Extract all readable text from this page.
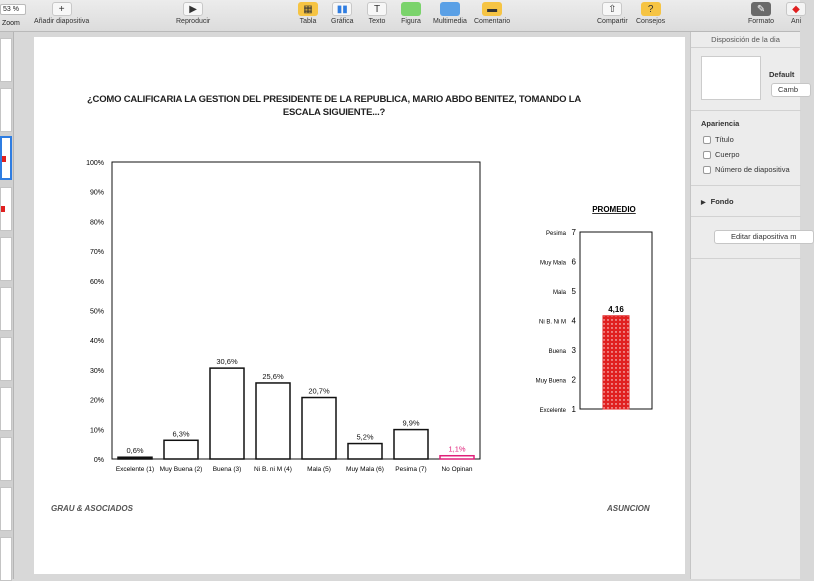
53 %
Zoom
+
Añadir diapositiva
▶
Reproducir
▦
Tabla
▮▮
Gráfica
T
Texto Figura Multimedia
▬
Comentario
⇧
Compartir
?
Consejos
✎
Formato
◆
Ani
¿COMO CALIFICARIA LA GESTION DEL PRESIDENTE DE LA REPUBLICA, MARIO ABDO BENITEZ, TOMANDO LA
ESCALA SIGUIENTE...?
0%
10%
20%
30%
40%
50%
60%
70%
80%
90%
100%
0,6%
Excelente (1)
6,3%
Muy Buena (2)
30,6%
Buena (3)
25,6%
Ni B. ni M (4)
20,7%
Mala (5)
5,2%
Muy Mala (6)
9,9%
Pesima (7)
1,1%
No Opinan
PROMEDIO
Excelente 1
Muy Buena 2
Buena 3
Ni B. Ni M 4
Mala 5
Muy Mala 6
Pesima 7
4,16
GRAU & ASOCIADOS	ASUNCION
Disposición de la dia
Default
Camb
Apariencia
Título
Cuerpo
Número de diapositiva
▶ Fondo
Editar diapositiva m
